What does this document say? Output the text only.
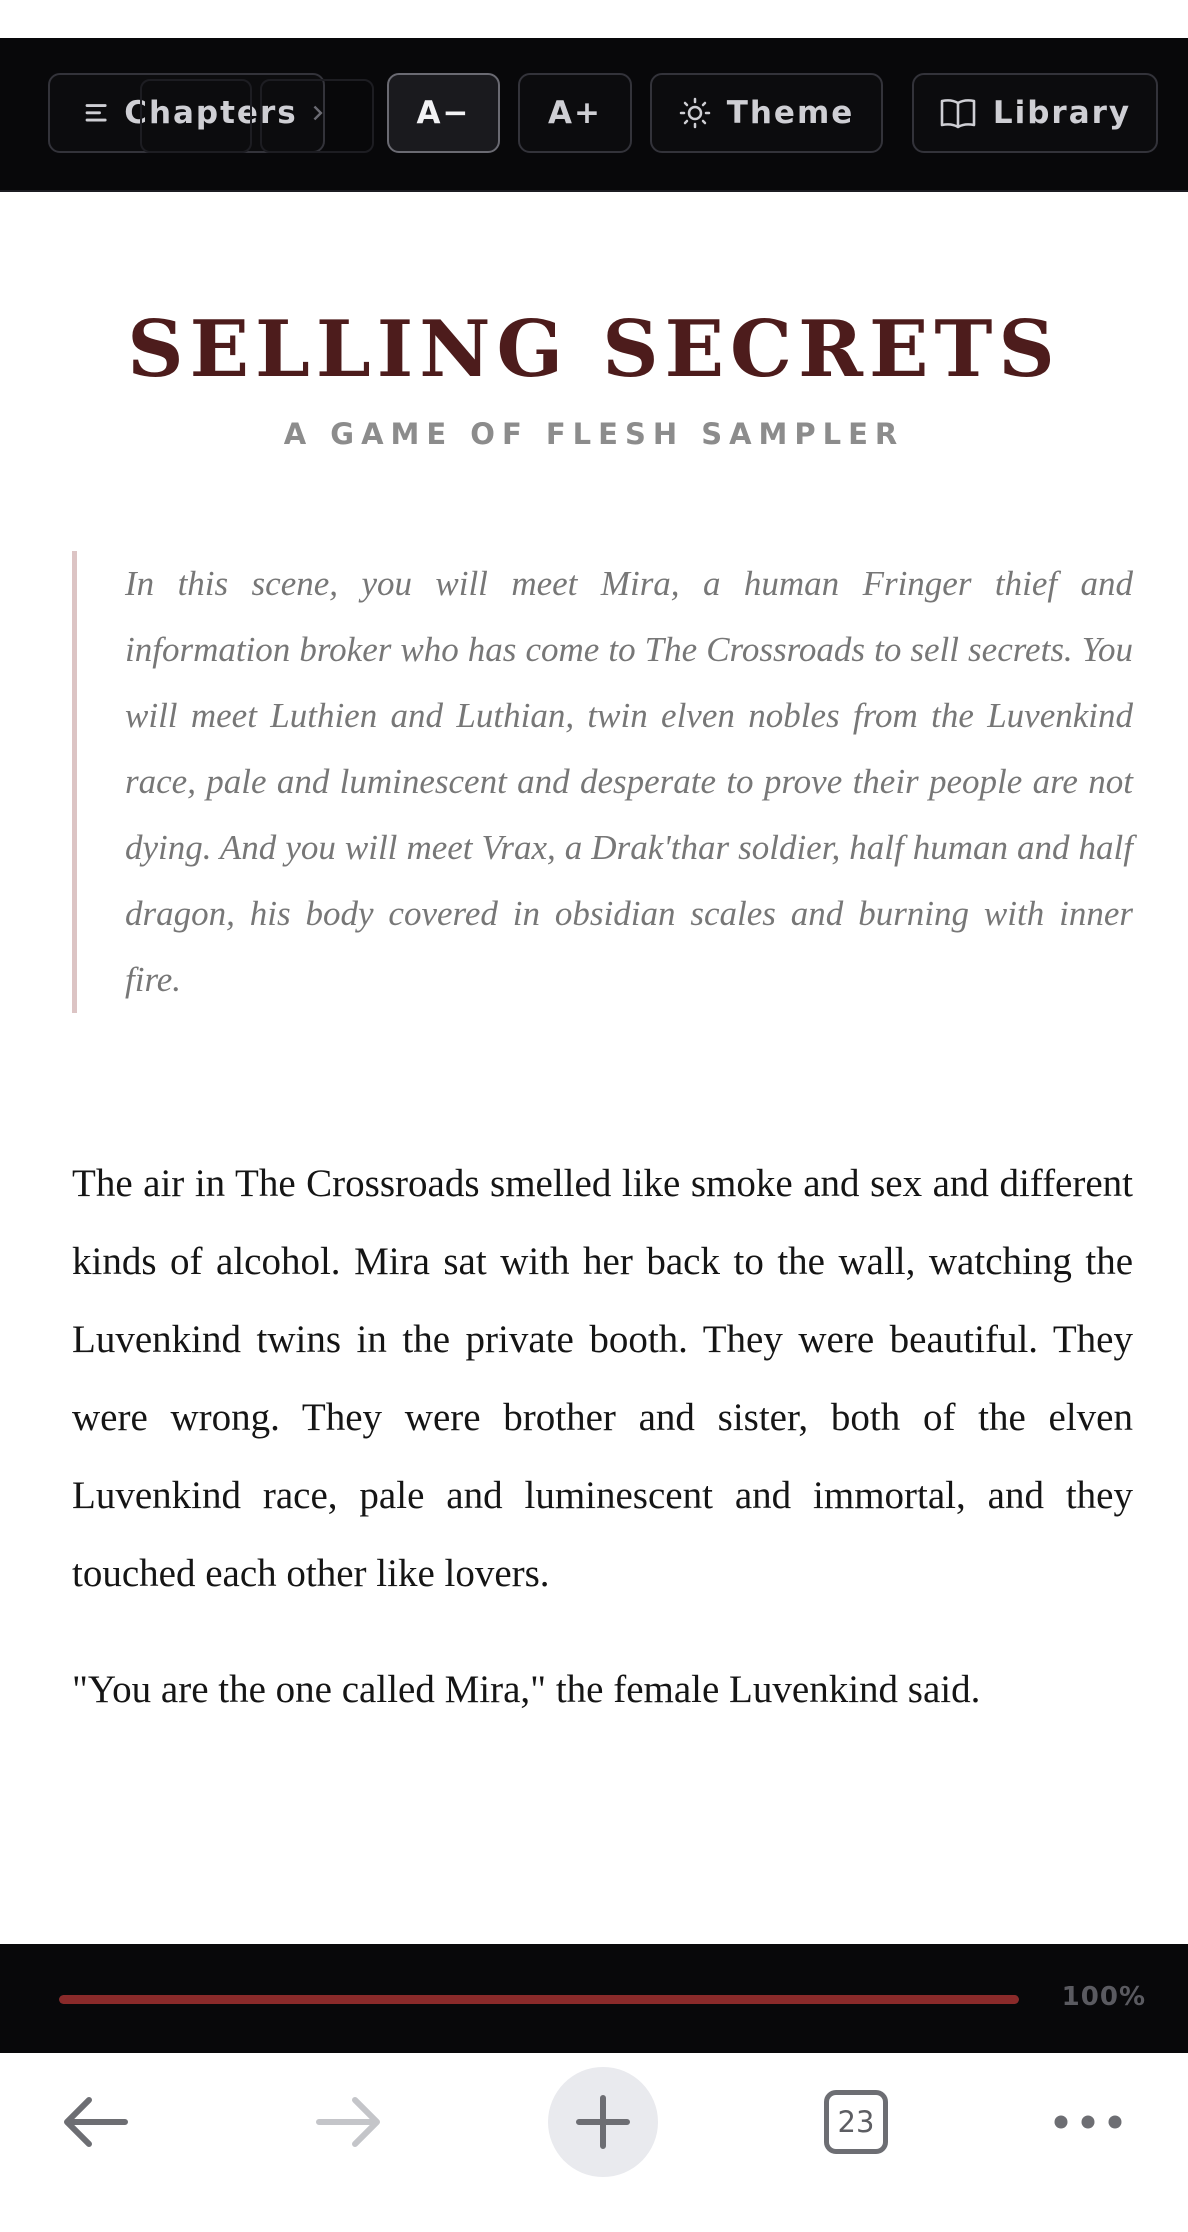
Chapters	A−	A+	Theme	Library
SELLING SECRETS
A GAME OF FLESH SAMPLER
In this scene, you will meet Mira, a human Fringer thief and information broker who has come to The Crossroads to sell secrets. You will meet Luthien and Luthian, twin elven nobles from the Luvenkind race, pale and luminescent and desperate to prove their people are not dying. And you will meet Vrax, a Drak'thar soldier, half human and half dragon, his body covered in obsidian scales and burning with inner fire.

The air in The Crossroads smelled like smoke and sex and different kinds of alcohol. Mira sat with her back to the wall, watching the Luvenkind twins in the private booth. They were beautiful. They were wrong. They were brother and sister, both of the elven Luvenkind race, pale and luminescent and immortal, and they touched each other like lovers.

"You are the one called Mira," the female Luvenkind said.

100%
23
